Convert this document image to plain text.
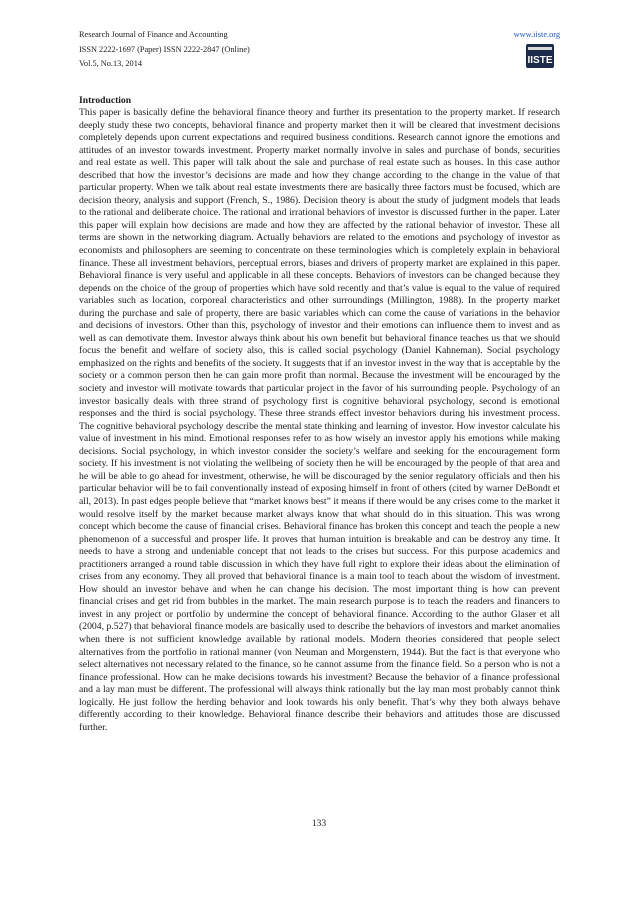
Research Journal of Finance and Accounting
ISSN 2222-1697 (Paper) ISSN 2222-2847 (Online)
Vol.5, No.13, 2014
www.iiste.org
IISTE
Introduction

This paper is basically define the behavioral finance theory and further its presentation to the property market. If research deeply study these two concepts, behavioral finance and property market then it will be cleared that investment decisions completely depends upon current expectations and required business conditions. Research cannot ignore the emotions and attitudes of an investor towards investment. Property market normally involve in sales and purchase of bonds, securities and real estate as well. This paper will talk about the sale and purchase of real estate such as houses. In this case author described that how the investor’s decisions are made and how they change according to the change in the value of that particular property. When we talk about real estate investments there are basically three factors must be focused, which are decision theory, analysis and support (French, S., 1986). Decision theory is about the study of judgment models that leads to the rational and deliberate choice. The rational and irrational behaviors of investor is discussed further in the paper. Later this paper will explain how decisions are made and how they are affected by the rational behavior of investor. These all terms are shown in the networking diagram. Actually behaviors are related to the emotions and psychology of investor as economists and philosophers are seeming to concentrate on these terminologies which is completely explain in behavioral finance. These all investment behaviors, perceptual errors, biases and drivers of property market are explained in this paper. Behavioral finance is very useful and applicable in all these concepts. Behaviors of investors can be changed because they depends on the choice of the group of properties which have sold recently and that’s value is equal to the value of required variables such as location, corporeal characteristics and other surroundings (Millington, 1988). In the property market during the purchase and sale of property, there are basic variables which can come the cause of variations in the behavior and decisions of investors. Other than this, psychology of investor and their emotions can influence them to invest and as well as can demotivate them. Investor always think about his own benefit but behavioral finance teaches us that we should focus the benefit and welfare of society also, this is called social psychology (Daniel Kahneman). Social psychology emphasized on the rights and benefits of the society. It suggests that if an investor invest in the way that is acceptable by the society or a common person then he can gain more profit than normal. Because the investment will be encouraged by the society and investor will motivate towards that particular project in the favor of his surrounding people. Psychology of an investor basically deals with three strand of psychology first is cognitive behavioral psychology, second is emotional responses and the third is social psychology. These three strands effect investor behaviors during his investment process. The cognitive behavioral psychology describe the mental state thinking and learning of investor. How investor calculate his value of investment in his mind. Emotional responses refer to as how wisely an investor apply his emotions while making decisions. Social psychology, in which investor consider the society’s welfare and seeking for the encouragement form society. If his investment is not violating the wellbeing of society then he will be encouraged by the people of that area and he will be able to go ahead for investment, otherwise, he will be discouraged by the senior regulatory officials and then his particular behavior will be to fail conventionally instead of exposing himself in front of others (cited by warner DeBondt et all, 2013). In past edges people believe that “market knows best” it means if there would be any crises come to the market it would resolve itself by the market because market always know that what should do in this situation. This was wrong concept which become the cause of financial crises. Behavioral finance has broken this concept and teach the people a new phenomenon of a successful and prosper life. It proves that human intuition is breakable and can be destroy any time. It needs to have a strong and undeniable concept that not leads to the crises but success. For this purpose academics and practitioners arranged a round table discussion in which they have full right to explore their ideas about the elimination of crises from any economy. They all proved that behavioral finance is a main tool to teach about the wisdom of investment. How should an investor behave and when he can change his decision. The most important thing is how can prevent financial crises and get rid from bubbles in the market. The main research purpose is to teach the readers and financers to invest in any project or portfolio by undermine the concept of behavioral finance. According to the author Glaser et all (2004, p.527) that behavioral finance models are basically used to describe the behaviors of investors and market anomalies when there is not sufficient knowledge available by rational models. Modern theories considered that people select alternatives from the portfolio in rational manner (von Neuman and Morgenstern, 1944). But the fact is that everyone who select alternatives not necessary related to the finance, so he cannot assume from the finance field. So a person who is not a finance professional. How can he make decisions towards his investment? Because the behavior of a finance professional and a lay man must be different. The professional will always think rationally but the lay man most probably cannot think logically. He just follow the herding behavior and look towards his only benefit. That’s why they both always behave differently according to their knowledge. Behavioral finance describe their behaviors and attitudes those are discussed further.

133
